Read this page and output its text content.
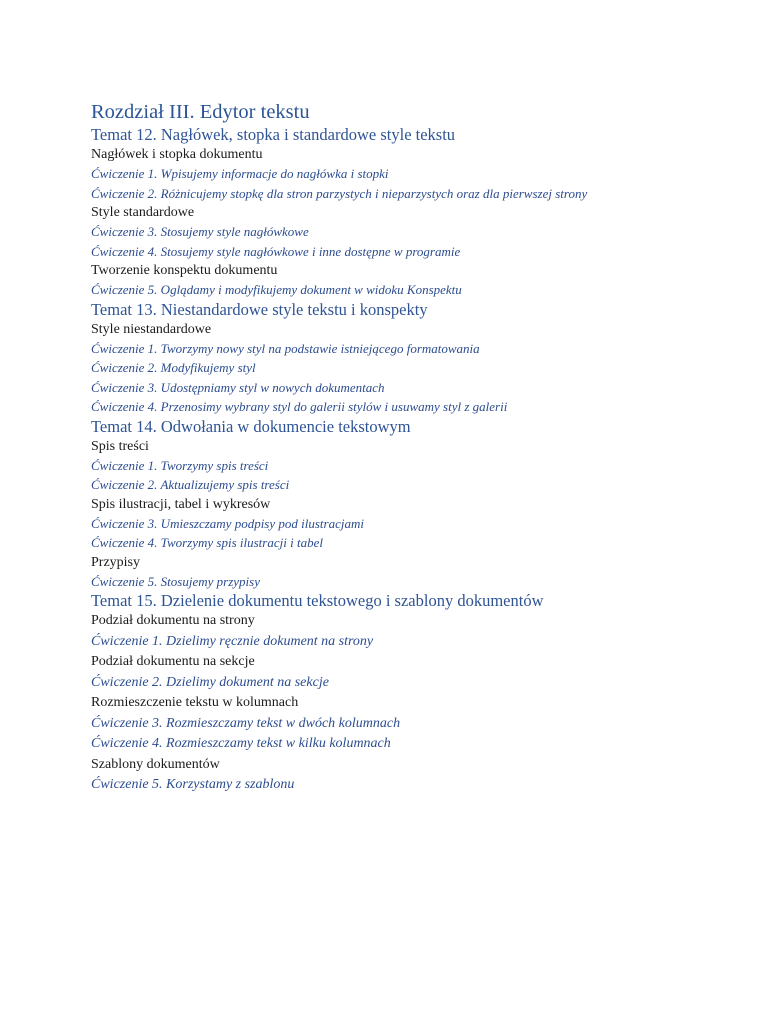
Rozdział III. Edytor tekstu
Temat 12. Nagłówek, stopka i standardowe style tekstu
Nagłówek i stopka dokumentu
Ćwiczenie 1. Wpisujemy informacje do nagłówka i stopki
Ćwiczenie 2. Różnicujemy stopkę dla stron parzystych i nieparzystych oraz dla pierwszej strony
Style standardowe
Ćwiczenie 3. Stosujemy style nagłówkowe
Ćwiczenie 4. Stosujemy style nagłówkowe i inne dostępne w programie
Tworzenie konspektu dokumentu
Ćwiczenie 5. Oglądamy i modyfikujemy dokument w widoku Konspektu
Temat 13. Niestandardowe style tekstu i konspekty
Style niestandardowe
Ćwiczenie 1. Tworzymy nowy styl na podstawie istniejącego formatowania
Ćwiczenie 2. Modyfikujemy styl
Ćwiczenie 3. Udostępniamy styl w nowych dokumentach
Ćwiczenie 4. Przenosimy wybrany styl do galerii stylów i usuwamy styl z galerii
Temat 14. Odwołania w dokumencie tekstowym
Spis treści
Ćwiczenie 1. Tworzymy spis treści
Ćwiczenie 2. Aktualizujemy spis treści
Spis ilustracji, tabel i wykresów
Ćwiczenie 3. Umieszczamy podpisy pod ilustracjami
Ćwiczenie 4. Tworzymy spis ilustracji i tabel
Przypisy
Ćwiczenie 5. Stosujemy przypisy
Temat 15. Dzielenie dokumentu tekstowego i szablony dokumentów
Podział dokumentu na strony
Ćwiczenie 1. Dzielimy ręcznie dokument na strony
Podział dokumentu na sekcje
Ćwiczenie 2. Dzielimy dokument na sekcje
Rozmieszczenie tekstu w kolumnach
Ćwiczenie 3. Rozmieszczamy tekst w dwóch kolumnach
Ćwiczenie 4. Rozmieszczamy tekst w kilku kolumnach
Szablony dokumentów
Ćwiczenie 5. Korzystamy z szablonu
